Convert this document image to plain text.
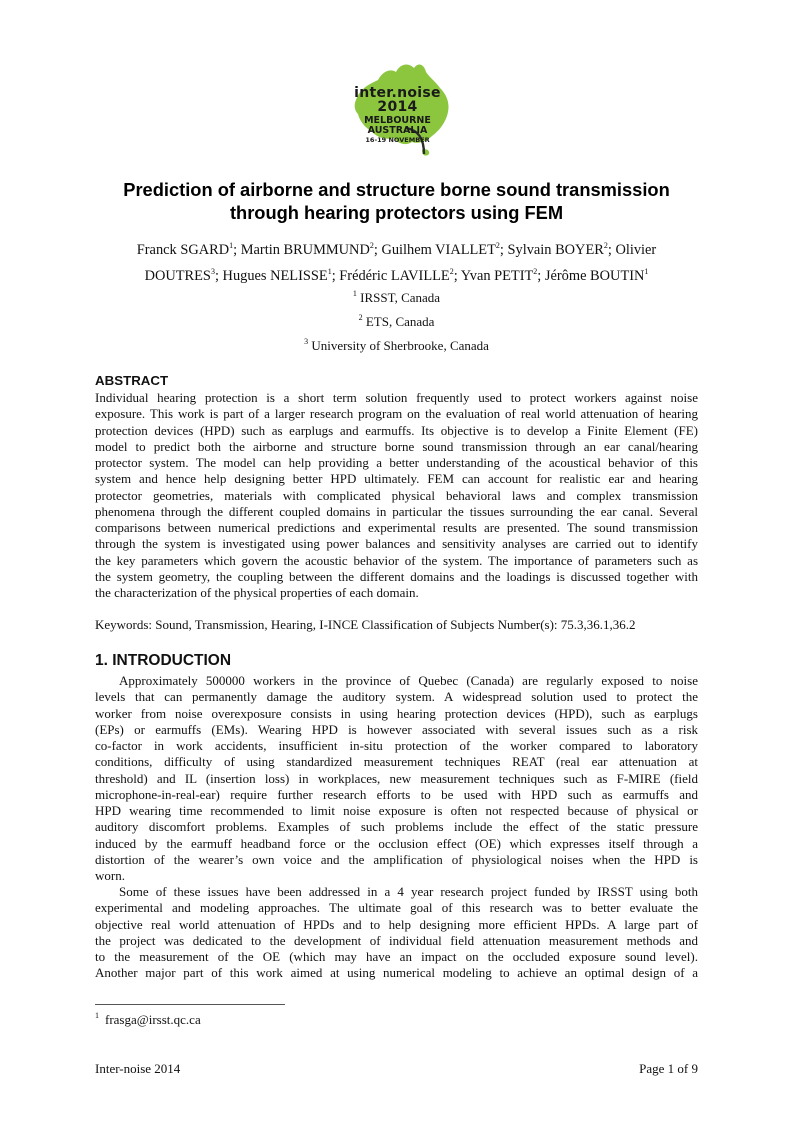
inter.noise 2014
MELBOURNE AUSTRALIA
16-19 NOVEMBER
Prediction of airborne and structure borne sound transmission
through hearing protectors using FEM
Franck SGARD$^1$; Martin BRUMMUND$^2$; Guilhem VIALLET$^2$; Sylvain BOYER$^2$; Olivier
DOUTRES$^3$; Hugues NELISSE$^1$; Frédéric LAVILLE$^2$; Yvan PETIT$^2$; Jérôme BOUTIN$^1$
$^1$ IRSST, Canada
$^2$ ETS, Canada
$^3$ University of Sherbrooke, Canada
ABSTRACT
Individual hearing protection is a short term solution frequently used to protect workers against noise
exposure. This work is part of a larger research program on the evaluation of real world attenuation of hearing
protection devices (HPD) such as earplugs and earmuffs. Its objective is to develop a Finite Element (FE)
model to predict both the airborne and structure borne sound transmission through an ear canal/hearing
protector system. The model can help providing a better understanding of the acoustical behavior of this
system and hence help designing better HPD ultimately. FEM can account for realistic ear and hearing
protector geometries, materials with complicated physical behavioral laws and complex transmission
phenomena through the different coupled domains in particular the tissues surrounding the ear canal. Several
comparisons between numerical predictions and experimental results are presented. The sound transmission
through the system is investigated using power balances and sensitivity analyses are carried out to identify
the key parameters which govern the acoustic behavior of the system. The importance of parameters such as
the system geometry, the coupling between the different domains and the loadings is discussed together with
the characterization of the physical properties of each domain.
Keywords: Sound, Transmission, Hearing, I-INCE Classification of Subjects Number(s): 75.3,36.1,36.2
1. INTRODUCTION
Approximately 500000 workers in the province of Quebec (Canada) are regularly exposed to noise
levels that can permanently damage the auditory system. A widespread solution used to protect the
worker from noise overexposure consists in using hearing protection devices (HPD), such as earplugs
(EPs) or earmuffs (EMs). Wearing HPD is however associated with several issues such as a risk
co-factor in work accidents, insufficient in-situ protection of the worker compared to laboratory
conditions, difficulty of using standardized measurement techniques REAT (real ear attenuation at
threshold) and IL (insertion loss) in workplaces, new measurement techniques such as F-MIRE (field
microphone-in-real-ear) require further research efforts to be used with HPD such as earmuffs and
HPD wearing time recommended to limit noise exposure is often not respected because of physical or
auditory discomfort problems. Examples of such problems include the effect of the static pressure
induced by the earmuff headband force or the occlusion effect (OE) which expresses itself through a
distortion of the wearer’s own voice and the amplification of physiological noises when the HPD is
worn.
Some of these issues have been addressed in a 4 year research project funded by IRSST using both
experimental and modeling approaches. The ultimate goal of this research was to better evaluate the
objective real world attenuation of HPDs and to help designing more efficient HPDs. A large part of
the project was dedicated to the development of individual field attenuation measurement methods and
to the measurement of the OE (which may have an impact on the occluded exposure sound level).
Another major part of this work aimed at using numerical modeling to achieve an optimal design of a
$^1$ frasga@irsst.qc.ca
Inter-noise 2014	Page 1 of 9
